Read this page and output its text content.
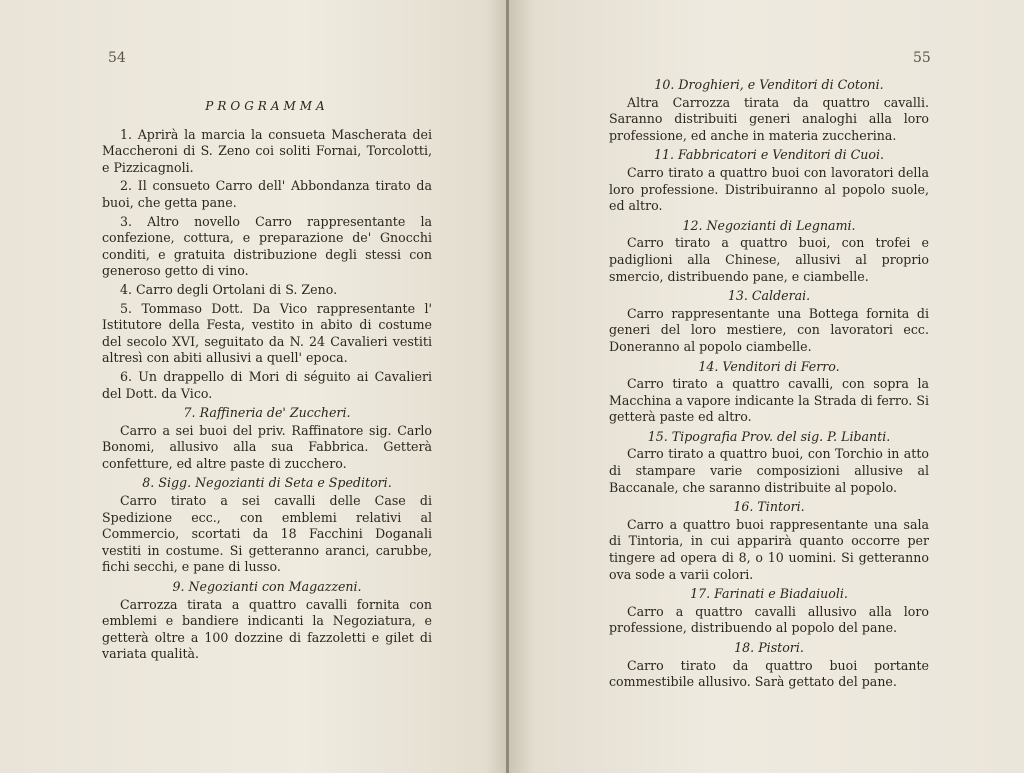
54
PROGRAMMA

1. Aprirà la marcia la consueta Mascherata dei Maccheroni di S. Zeno coi soliti Fornai, Torcolotti, e Pizzicagnoli.

2. Il consueto Carro dell' Abbondanza tirato da buoi, che getta pane.

3. Altro novello Carro rappresentante la confezione, cottura, e preparazione de' Gnocchi conditi, e gratuita distribuzione degli stessi con generoso getto di vino.

4. Carro degli Ortolani di S. Zeno.

5. Tommaso Dott. Da Vico rappresentante l' Istitutore della Festa, vestito in abito di costume del secolo XVI, seguitato da N. 24 Cavalieri vestiti altresì con abiti allusivi a quell' epoca.

6. Un drappello di Mori di séguito ai Cavalieri del Dott. da Vico.

7. Raffineria de' Zuccheri.

Carro a sei buoi del priv. Raffinatore sig. Carlo Bonomi, allusivo alla sua Fabbrica. Getterà confetture, ed altre paste di zucchero.

8. Sigg. Negozianti di Seta e Speditori.

Carro tirato a sei cavalli delle Case di Spedizione ecc., con emblemi relativi al Commercio, scortati da 18 Facchini Doganali vestiti in costume. Si getteranno aranci, carubbe, fichi secchi, e pane di lusso.

9. Negozianti con Magazzeni.

Carrozza tirata a quattro cavalli fornita con emblemi e bandiere indicanti la Negoziatura, e getterà oltre a 100 dozzine di fazzoletti e gilet di variata qualità.

55
10. Droghieri, e Venditori di Cotoni.

Altra Carrozza tirata da quattro cavalli. Saranno distribuiti generi analoghi alla loro professione, ed anche in materia zuccherina.

11. Fabbricatori e Venditori di Cuoi.

Carro tirato a quattro buoi con lavoratori della loro professione. Distribuiranno al popolo suole, ed altro.

12. Negozianti di Legnami.

Carro tirato a quattro buoi, con trofei e padiglioni alla Chinese, allusivi al proprio smercio, distribuendo pane, e ciambelle.

13. Calderai.

Carro rappresentante una Bottega fornita di generi del loro mestiere, con lavoratori ecc. Doneranno al popolo ciambelle.

14. Venditori di Ferro.

Carro tirato a quattro cavalli, con sopra la Macchina a vapore indicante la Strada di ferro. Si getterà paste ed altro.

15. Tipografia Prov. del sig. P. Libanti.

Carro tirato a quattro buoi, con Torchio in atto di stampare varie composizioni allusive al Baccanale, che saranno distribuite al popolo.

16. Tintori.

Carro a quattro buoi rappresentante una sala di Tintoria, in cui apparirà quanto occorre per tingere ad opera di 8, o 10 uomini. Si getteranno ova sode a varii colori.

17. Farinati e Biadaiuoli.

Carro a quattro cavalli allusivo alla loro professione, distribuendo al popolo del pane.

18. Pistori.

Carro tirato da quattro buoi portante commestibile allusivo. Sarà gettato del pane.
